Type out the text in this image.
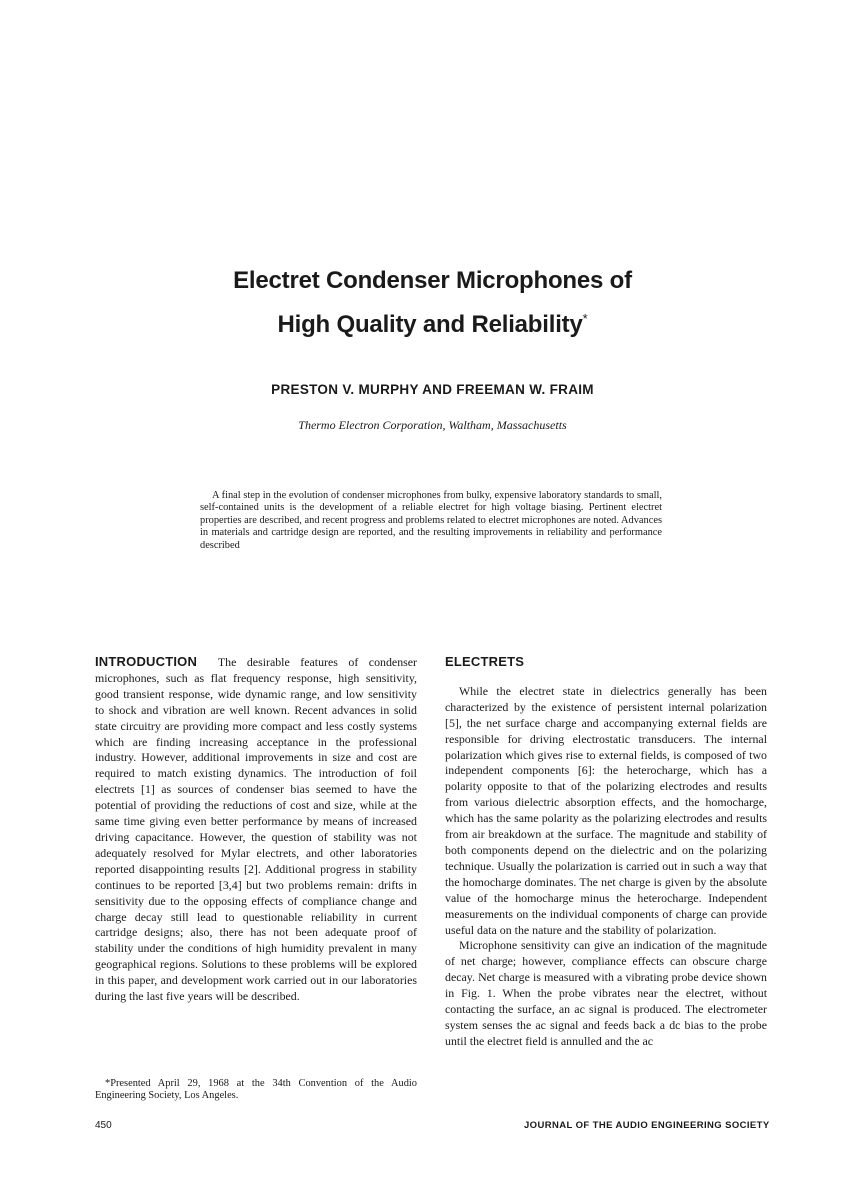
Electret Condenser Microphones of
High Quality and Reliability*
PRESTON V. MURPHY AND FREEMAN W. FRAIM
Thermo Electron Corporation, Waltham, Massachusetts
A final step in the evolution of condenser microphones from bulky, expensive laboratory standards to small, self-contained units is the development of a reliable electret for high voltage biasing. Pertinent electret properties are described, and recent progress and problems related to electret microphones are noted. Advances in materials and cartridge design are reported, and the resulting improvements in reliability and performance described

INTRODUCTION The desirable features of condenser microphones, such as flat frequency response, high sensitivity, good transient response, wide dynamic range, and low sensitivity to shock and vibration are well known. Recent advances in solid state circuitry are providing more compact and less costly systems which are finding increasing acceptance in the professional industry. However, additional improvements in size and cost are required to match existing dynamics. The introduction of foil electrets [1] as sources of condenser bias seemed to have the potential of providing the reductions of cost and size, while at the same time giving even better performance by means of increased driving capacitance. However, the question of stability was not adequately resolved for Mylar electrets, and other laboratories reported disappointing results [2]. Additional progress in stability continues to be reported [3,4] but two problems remain: drifts in sensitivity due to the opposing effects of compliance change and charge decay still lead to questionable reliability in current cartridge designs; also, there has not been adequate proof of stability under the conditions of high humidity prevalent in many geographical regions. Solutions to these problems will be explored in this paper, and development work carried out in our laboratories during the last five years will be described.

ELECTRETS

While the electret state in dielectrics generally has been characterized by the existence of persistent internal polarization [5], the net surface charge and accompanying external fields are responsible for driving electrostatic transducers. The internal polarization which gives rise to external fields, is composed of two independent components [6]: the heterocharge, which has a polarity opposite to that of the polarizing electrodes and results from various dielectric absorption effects, and the homocharge, which has the same polarity as the polarizing electrodes and results from air breakdown at the surface. The magnitude and stability of both components depend on the dielectric and on the polarizing technique. Usually the polarization is carried out in such a way that the homocharge dominates. The net charge is given by the absolute value of the homocharge minus the heterocharge. Independent measurements on the individual components of charge can provide useful data on the nature and the stability of polarization.

Microphone sensitivity can give an indication of the magnitude of net charge; however, compliance effects can obscure charge decay. Net charge is measured with a vibrating probe device shown in Fig. 1. When the probe vibrates near the electret, without contacting the surface, an ac signal is produced. The electrometer system senses the ac signal and feeds back a dc bias to the probe until the electret field is annulled and the ac

*Presented April 29, 1968 at the 34th Convention of the Audio Engineering Society, Los Angeles.
450	JOURNAL OF THE AUDIO ENGINEERING SOCIETY
